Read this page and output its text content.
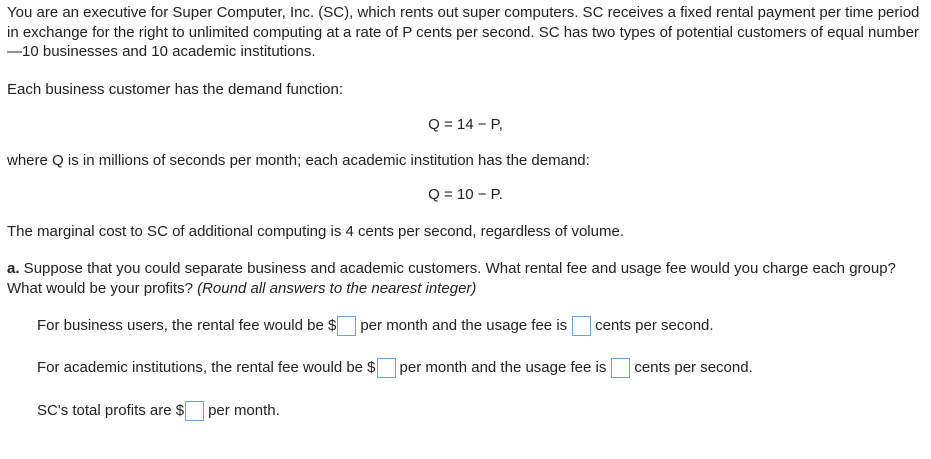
You are an executive for Super Computer, Inc. (SC), which rents out super computers. SC receives a fixed rental payment per time period in exchange for the right to unlimited computing at a rate of P cents per second. SC has two types of potential customers of equal number—10 businesses and 10 academic institutions.
Each business customer has the demand function:
Q = 14 − P,
where Q is in millions of seconds per month; each academic institution has the demand:
Q = 10 − P.
The marginal cost to SC of additional computing is 4 cents per second, regardless of volume.
a. Suppose that you could separate business and academic customers. What rental fee and usage fee would you charge each group? What would be your profits? (Round all answers to the nearest integer)
For business users, the rental fee would be $ per month and the usage fee is cents per second.
For academic institutions, the rental fee would be $ per month and the usage fee is cents per second.
SC's total profits are $ per month.
